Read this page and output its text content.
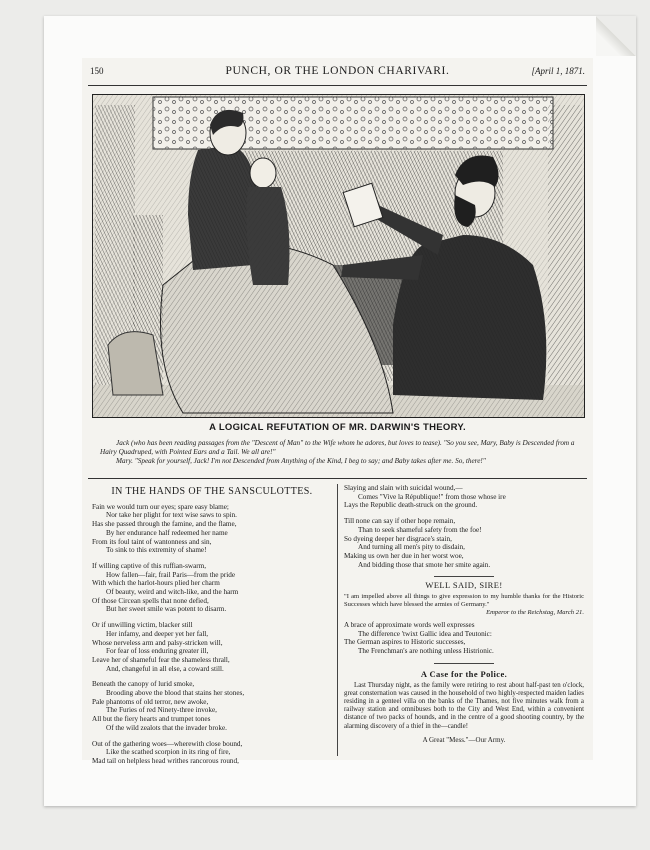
150	PUNCH, OR THE LONDON CHARIVARI.	[April 1, 1871.
A LOGICAL REFUTATION OF MR. DARWIN'S THEORY.

Jack (who has been reading passages from the "Descent of Man" to the Wife whom he adores, but loves to tease). "So you see, Mary, Baby is Descended from a Hairy Quadruped, with Pointed Ears and a Tail. We all are!"

Mary. "Speak for yourself, Jack! I'm not Descended from Anything of the Kind, I beg to say; and Baby takes after me. So, there!"

IN THE HANDS OF THE SANSCULOTTES.
Fain we would turn our eyes; spare easy blame;
Nor take her plight for text wise saws to spin.
Has she passed through the famine, and the flame,
By her endurance half redeemed her name
From its foul taint of wantonness and sin,
To sink to this extremity of shame!
If willing captive of this ruffian-swarm,
How fallen—fair, frail Paris—from the pride
With which the harlot-hours plied her charm
Of beauty, weird and witch-like, and the harm
Of those Circean spells that none defied,
But her sweet smile was potent to disarm.
Or if unwilling victim, blacker still
Her infamy, and deeper yet her fall,
Whose nerveless arm and palsy-stricken will,
For fear of loss enduring greater ill,
Leave her of shameful fear the shameless thrall,
And, changeful in all else, a coward still.
Beneath the canopy of lurid smoke,
Brooding above the blood that stains her stones,
Pale phantoms of old terror, new awoke,
The Furies of red Ninety-three invoke,
All but the fiery hearts and trumpet tones
Of the wild zealots that the invader broke.
Out of the gathering woes—wherewith close bound,
Like the scathed scorpion in its ring of fire,
Mad tail on helpless head writhes rancorous round,
Slaying and slain with suicidal wound,—
Comes "Vive la République!" from those whose ire
Lays the Republic death-struck on the ground.
Till none can say if other hope remain,
Than to seek shameful safety from the foe!
So dyeing deeper her disgrace's stain,
And turning all men's pity to disdain,
Making us own her due in her worst woe,
And bidding those that smote her smite again.
WELL SAID, SIRE!
"I am impelled above all things to give expression to my humble thanks for the Historic Successes which have blessed the armies of Germany."
Emperor to the Reichstag, March 21.
A brace of approximate words well expresses
The difference 'twixt Gallic idea and Teutonic:
The German aspires to Historic successes,
The Frenchman's are nothing unless Histrionic.
A Case for the Police.

Last Thursday night, as the family were retiring to rest about half-past ten o'clock, great consternation was caused in the household of two highly-respected maiden ladies residing in a genteel villa on the banks of the Thames, not five minutes walk from a railway station and omnibuses both to the City and West End, within a convenient distance of two packs of hounds, and in the centre of a good shooting country, by the alarming discovery of a thief in the—candle!

A Great "Mess."—Our Army.
